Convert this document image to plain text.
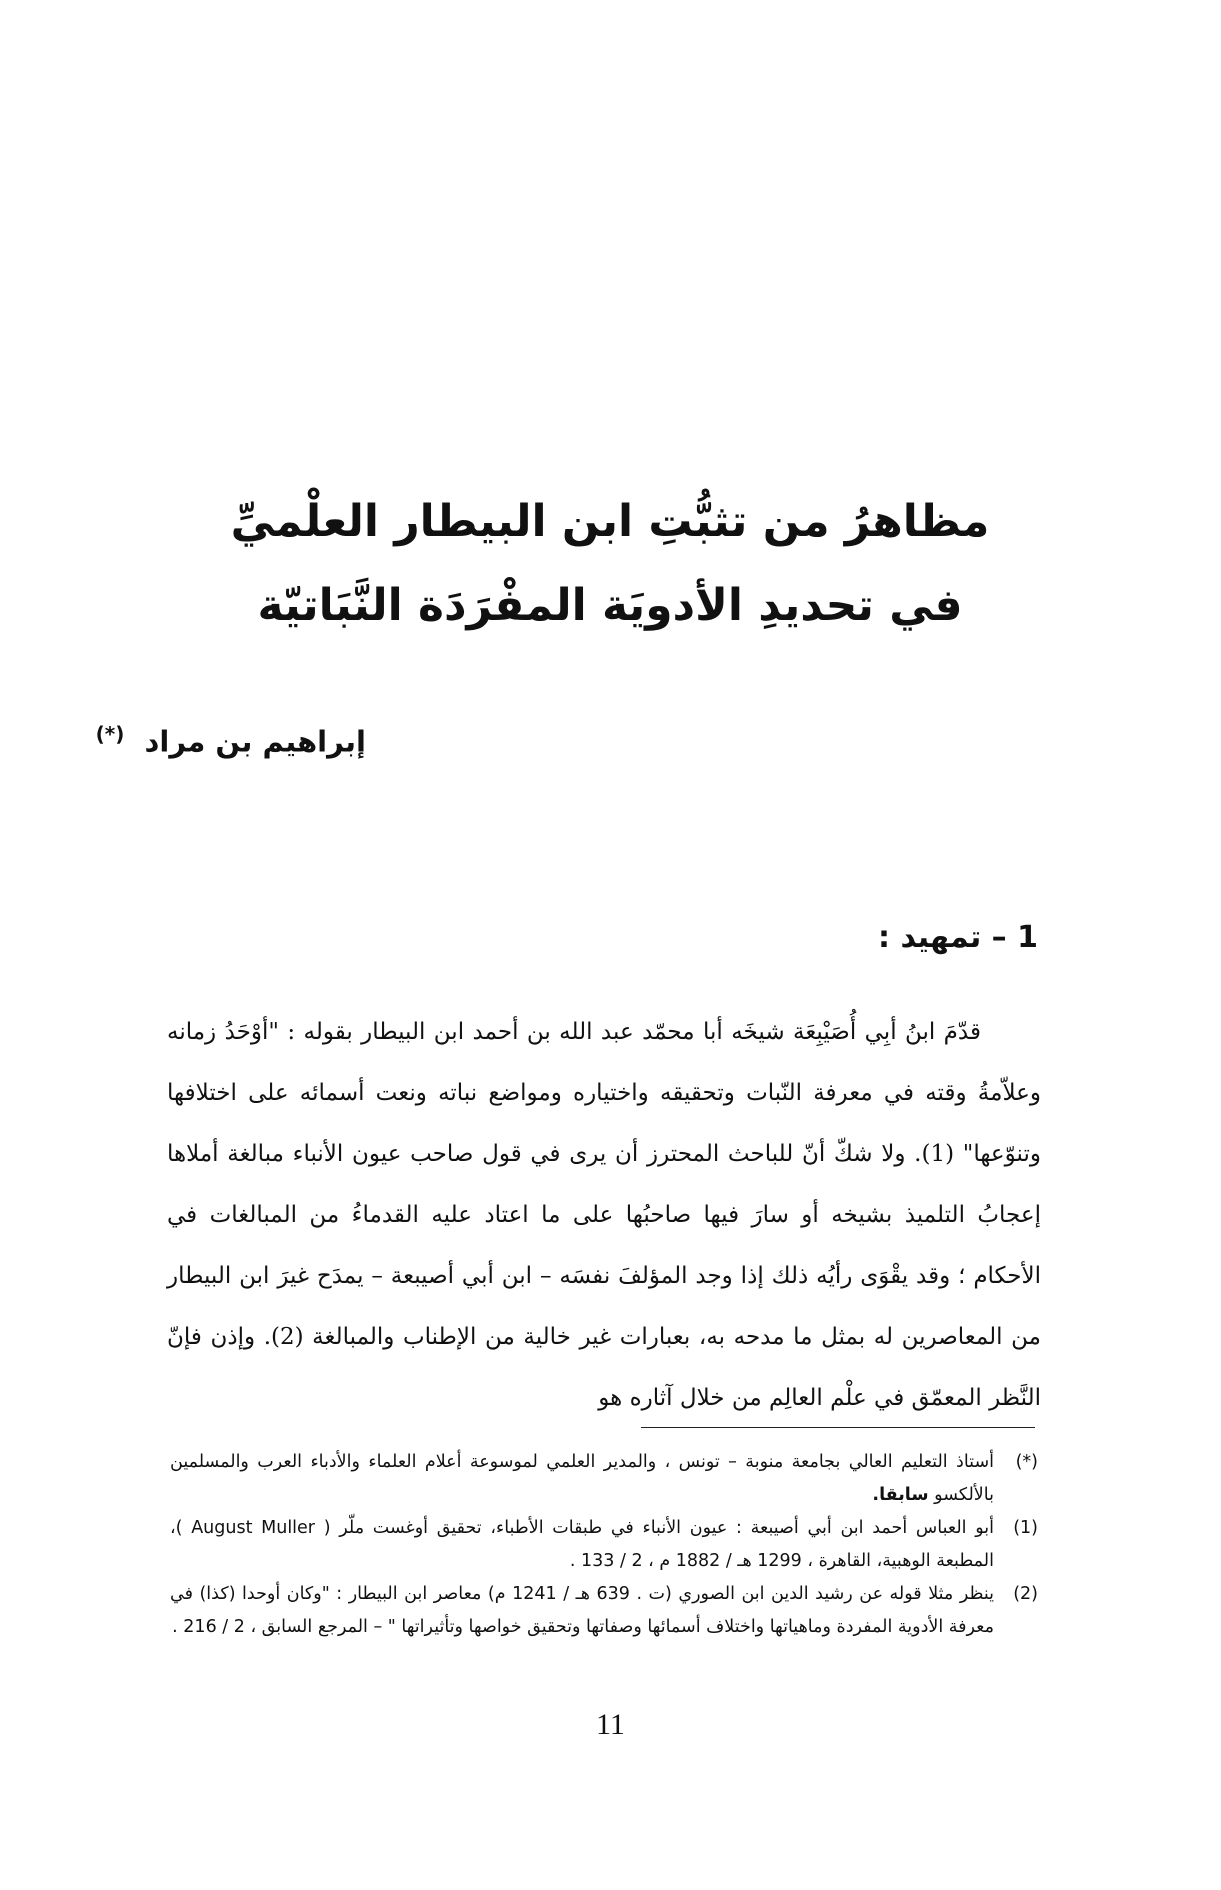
مظاهرُ من تثبُّتِ ابن البيطار العلْميِّ
في تحديدِ الأدويَة المفْرَدَة النَّبَاتيّة
إبراهيم بن مراد (*)
1 – تمهيد :

قدّمَ ابنُ أبِي أُصَيْبِعَة شيخَه أبا محمّد عبد الله بن أحمد ابن البيطار بقوله : "أوْحَدُ زمانه وعلاّمةُ وقته في معرفة النّبات وتحقيقه واختياره ومواضع نباته ونعت أسمائه على اختلافها وتنوّعها" (1). ولا شكّ أنّ للباحث المحترز أن يرى في قول صاحب عيون الأنباء مبالغة أملاها إعجابُ التلميذ بشيخه أو سارَ فيها صاحبُها على ما اعتاد عليه القدماءُ من المبالغات في الأحكام ؛ وقد يقْوَى رأيُه ذلك إذا وجد المؤلفَ نفسَه – ابن أبي أصيبعة – يمدَح غيرَ ابن البيطار من المعاصرين له بمثل ما مدحه به، بعبارات غير خالية من الإطناب والمبالغة (2). وإذن فإنّ النَّظر المعمّق في علْم العالِم من خلال آثاره هو

(*)
أستاذ التعليم العالي بجامعة منوبة – تونس ، والمدير العلمي لموسوعة أعلام العلماء والأدباء العرب والمسلمين بالألكسو سابقا.
(1)
أبو العباس أحمد ابن أبي أصيبعة : عيون الأنباء في طبقات الأطباء، تحقيق أوغست ملّر ( August Muller )، المطبعة الوهبية، القاهرة ، 1299 هـ / 1882 م ، 2 / 133 .
(2)
ينظر مثلا قوله عن رشيد الدين ابن الصوري (ت . 639 هـ / 1241 م) معاصر ابن البيطار : "وكان أوحدا (كذا) في معرفة الأدوية المفردة وماهياتها واختلاف أسمائها وصفاتها وتحقيق خواصها وتأثيراتها " – المرجع السابق ، 2 / 216 .
11
